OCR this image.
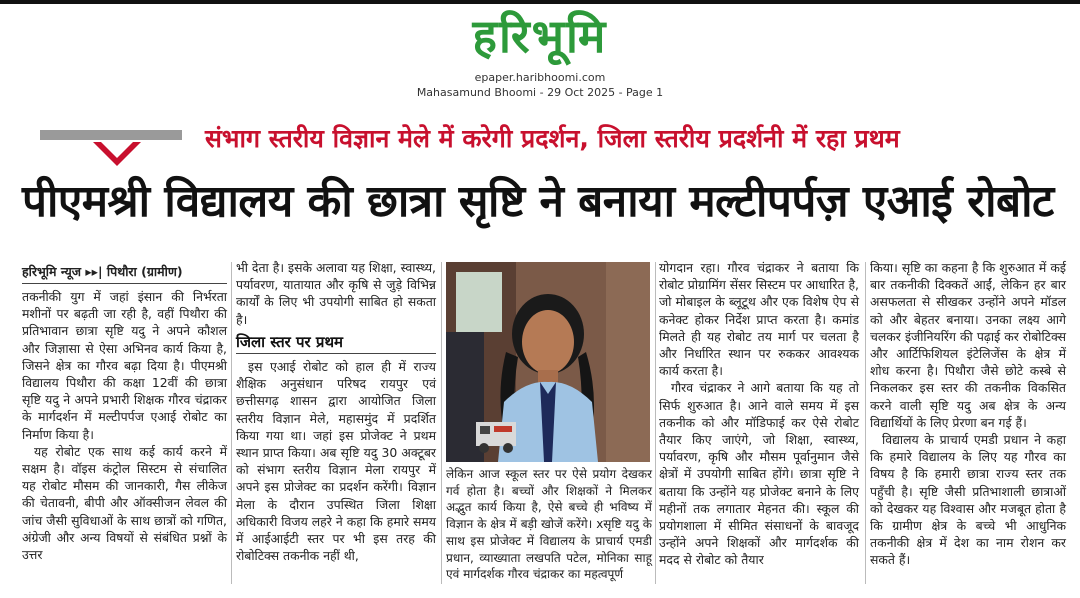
हरिभूमि
epaper.haribhoomi.com
Mahasamund Bhoomi - 29 Oct 2025 - Page 1
संभाग स्तरीय विज्ञान मेले में करेगी प्रदर्शन, जिला स्तरीय प्रदर्शनी में रहा प्रथम
पीएमश्री विद्यालय की छात्रा सृष्टि ने बनाया मल्टीपर्पज़ एआई रोबोट
हरिभूमि न्यूज ▸▸| पिथौरा (ग्रामीण)

तकनीकी युग में जहां इंसान की निर्भरता मशीनों पर बढ़ती जा रही है, वहीं पिथौरा की प्रतिभावान छात्रा सृष्टि यदु ने अपने कौशल और जिज्ञासा से ऐसा अभिनव कार्य किया है, जिसने क्षेत्र का गौरव बढ़ा दिया है। पीएमश्री विद्यालय पिथौरा की कक्षा 12वीं की छात्रा सृष्टि यदु ने अपने प्रभारी शिक्षक गौरव चंद्राकर के मार्गदर्शन में मल्टीपर्पज एआई रोबोट का निर्माण किया है।

यह रोबोट एक साथ कई कार्य करने में सक्षम है। वॉइस कंट्रोल सिस्टम से संचालित यह रोबोट मौसम की जानकारी, गैस लीकेज की चेतावनी, बीपी और ऑक्सीजन लेवल की जांच जैसी सुविधाओं के साथ छात्रों को गणित, अंग्रेजी और अन्य विषयों से संबंधित प्रश्नों के उत्तर

भी देता है। इसके अलावा यह शिक्षा, स्वास्थ्य, पर्यावरण, यातायात और कृषि से जुड़े विभिन्न कार्यों के लिए भी उपयोगी साबित हो सकता है।

जिला स्तर पर प्रथम

इस एआई रोबोट को हाल ही में राज्य शैक्षिक अनुसंधान परिषद रायपुर एवं छत्तीसगढ़ शासन द्वारा आयोजित जिला स्तरीय विज्ञान मेले, महासमुंद में प्रदर्शित किया गया था। जहां इस प्रोजेक्ट ने प्रथम स्थान प्राप्त किया। अब सृष्टि यदु 30 अक्टूबर को संभाग स्तरीय विज्ञान मेला रायपुर में अपने इस प्रोजेक्ट का प्रदर्शन करेंगी। विज्ञान मेला के दौरान उपस्थित जिला शिक्षा अधिकारी विजय लहरे ने कहा कि हमारे समय में आईआईटी स्तर पर भी इस तरह की रोबोटिक्स तकनीक नहीं थी,

लेकिन आज स्कूल स्तर पर ऐसे प्रयोग देखकर गर्व होता है। बच्चों और शिक्षकों ने मिलकर अद्भुत कार्य किया है, ऐसे बच्चे ही भविष्य में विज्ञान के क्षेत्र में बड़ी खोजें करेंगे। xसृष्टि यदु के साथ इस प्रोजेक्ट में विद्यालय के प्राचार्य एमडी प्रधान, व्याख्याता लखपति पटेल, मोनिका साहू एवं मार्गदर्शक गौरव चंद्राकर का महत्वपूर्ण

योगदान रहा। गौरव चंद्राकर ने बताया कि रोबोट प्रोग्रामिंग सेंसर सिस्टम पर आधारित है, जो मोबाइल के ब्लूटूथ और एक विशेष ऐप से कनेक्ट होकर निर्देश प्राप्त करता है। कमांड मिलते ही यह रोबोट तय मार्ग पर चलता है और निर्धारित स्थान पर रुककर आवश्यक कार्य करता है।

गौरव चंद्राकर ने आगे बताया कि यह तो सिर्फ शुरुआत है। आने वाले समय में इस तकनीक को और मॉडिफाई कर ऐसे रोबोट तैयार किए जाएंगे, जो शिक्षा, स्वास्थ्य, पर्यावरण, कृषि और मौसम पूर्वानुमान जैसे क्षेत्रों में उपयोगी साबित होंगे। छात्रा सृष्टि ने बताया कि उन्होंने यह प्रोजेक्ट बनाने के लिए महीनों तक लगातार मेहनत की। स्कूल की प्रयोगशाला में सीमित संसाधनों के बावजूद उन्होंने अपने शिक्षकों और मार्गदर्शक की मदद से रोबोट को तैयार

किया। सृष्टि का कहना है कि शुरुआत में कई बार तकनीकी दिक्कतें आईं, लेकिन हर बार असफलता से सीखकर उन्होंने अपने मॉडल को और बेहतर बनाया। उनका लक्ष्य आगे चलकर इंजीनियरिंग की पढ़ाई कर रोबोटिक्स और आर्टिफिशियल इंटेलिजेंस के क्षेत्र में शोध करना है। पिथौरा जैसे छोटे कस्बे से निकलकर इस स्तर की तकनीक विकसित करने वाली सृष्टि यदु अब क्षेत्र के अन्य विद्यार्थियों के लिए प्रेरणा बन गई हैं।

विद्यालय के प्राचार्य एमडी प्रधान ने कहा कि हमारे विद्यालय के लिए यह गौरव का विषय है कि हमारी छात्रा राज्य स्तर तक पहुँची है। सृष्टि जैसी प्रतिभाशाली छात्राओं को देखकर यह विश्वास और मजबूत होता है कि ग्रामीण क्षेत्र के बच्चे भी आधुनिक तकनीकी क्षेत्र में देश का नाम रोशन कर सकते हैं।
